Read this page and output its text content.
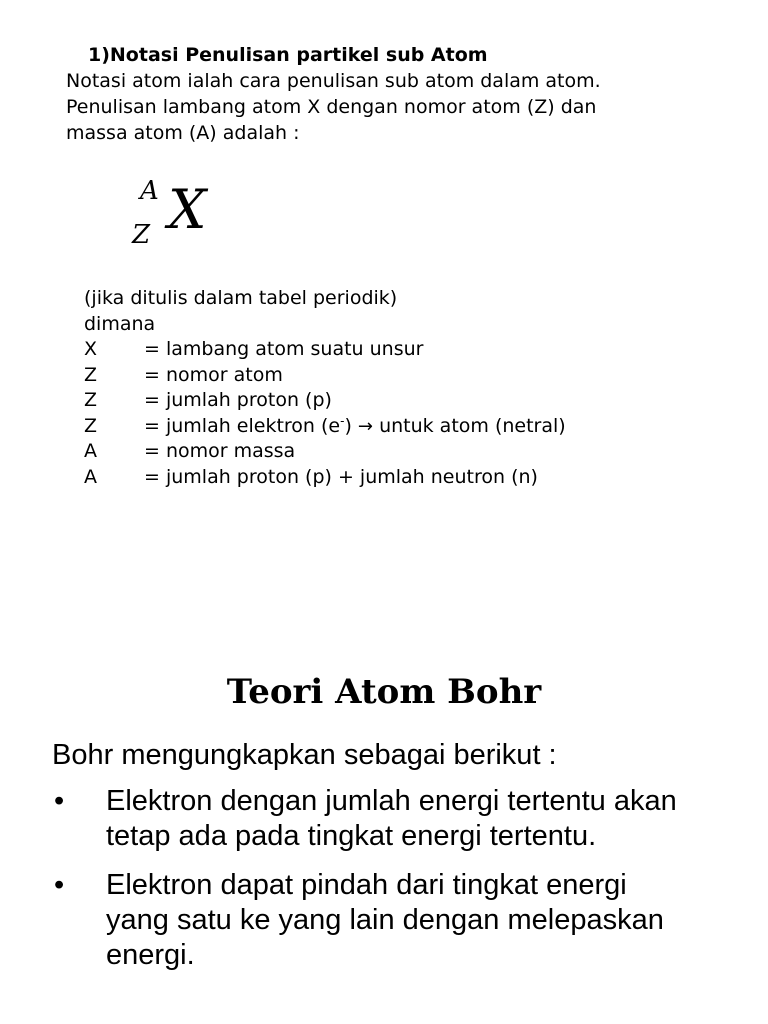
1)Notasi Penulisan partikel sub Atom
Notasi atom ialah cara penulisan sub atom dalam atom.
Penulisan lambang atom X dengan nomor atom (Z) dan
massa atom (A) adalah :
A
Z X
(jika ditulis dalam tabel periodik)
dimana
X	= lambang atom suatu unsur
Z	= nomor atom
Z	= jumlah proton (p)
Z	= jumlah elektron (e-) → untuk atom (netral)
A	= nomor massa
A	= jumlah proton (p) + jumlah neutron (n)
Teori Atom Bohr
Bohr mengungkapkan sebagai berikut :
•	Elektron dengan jumlah energi tertentu akan
tetap ada pada tingkat energi tertentu.
•	Elektron dapat pindah dari tingkat energi
yang satu ke yang lain dengan melepaskan
energi.
